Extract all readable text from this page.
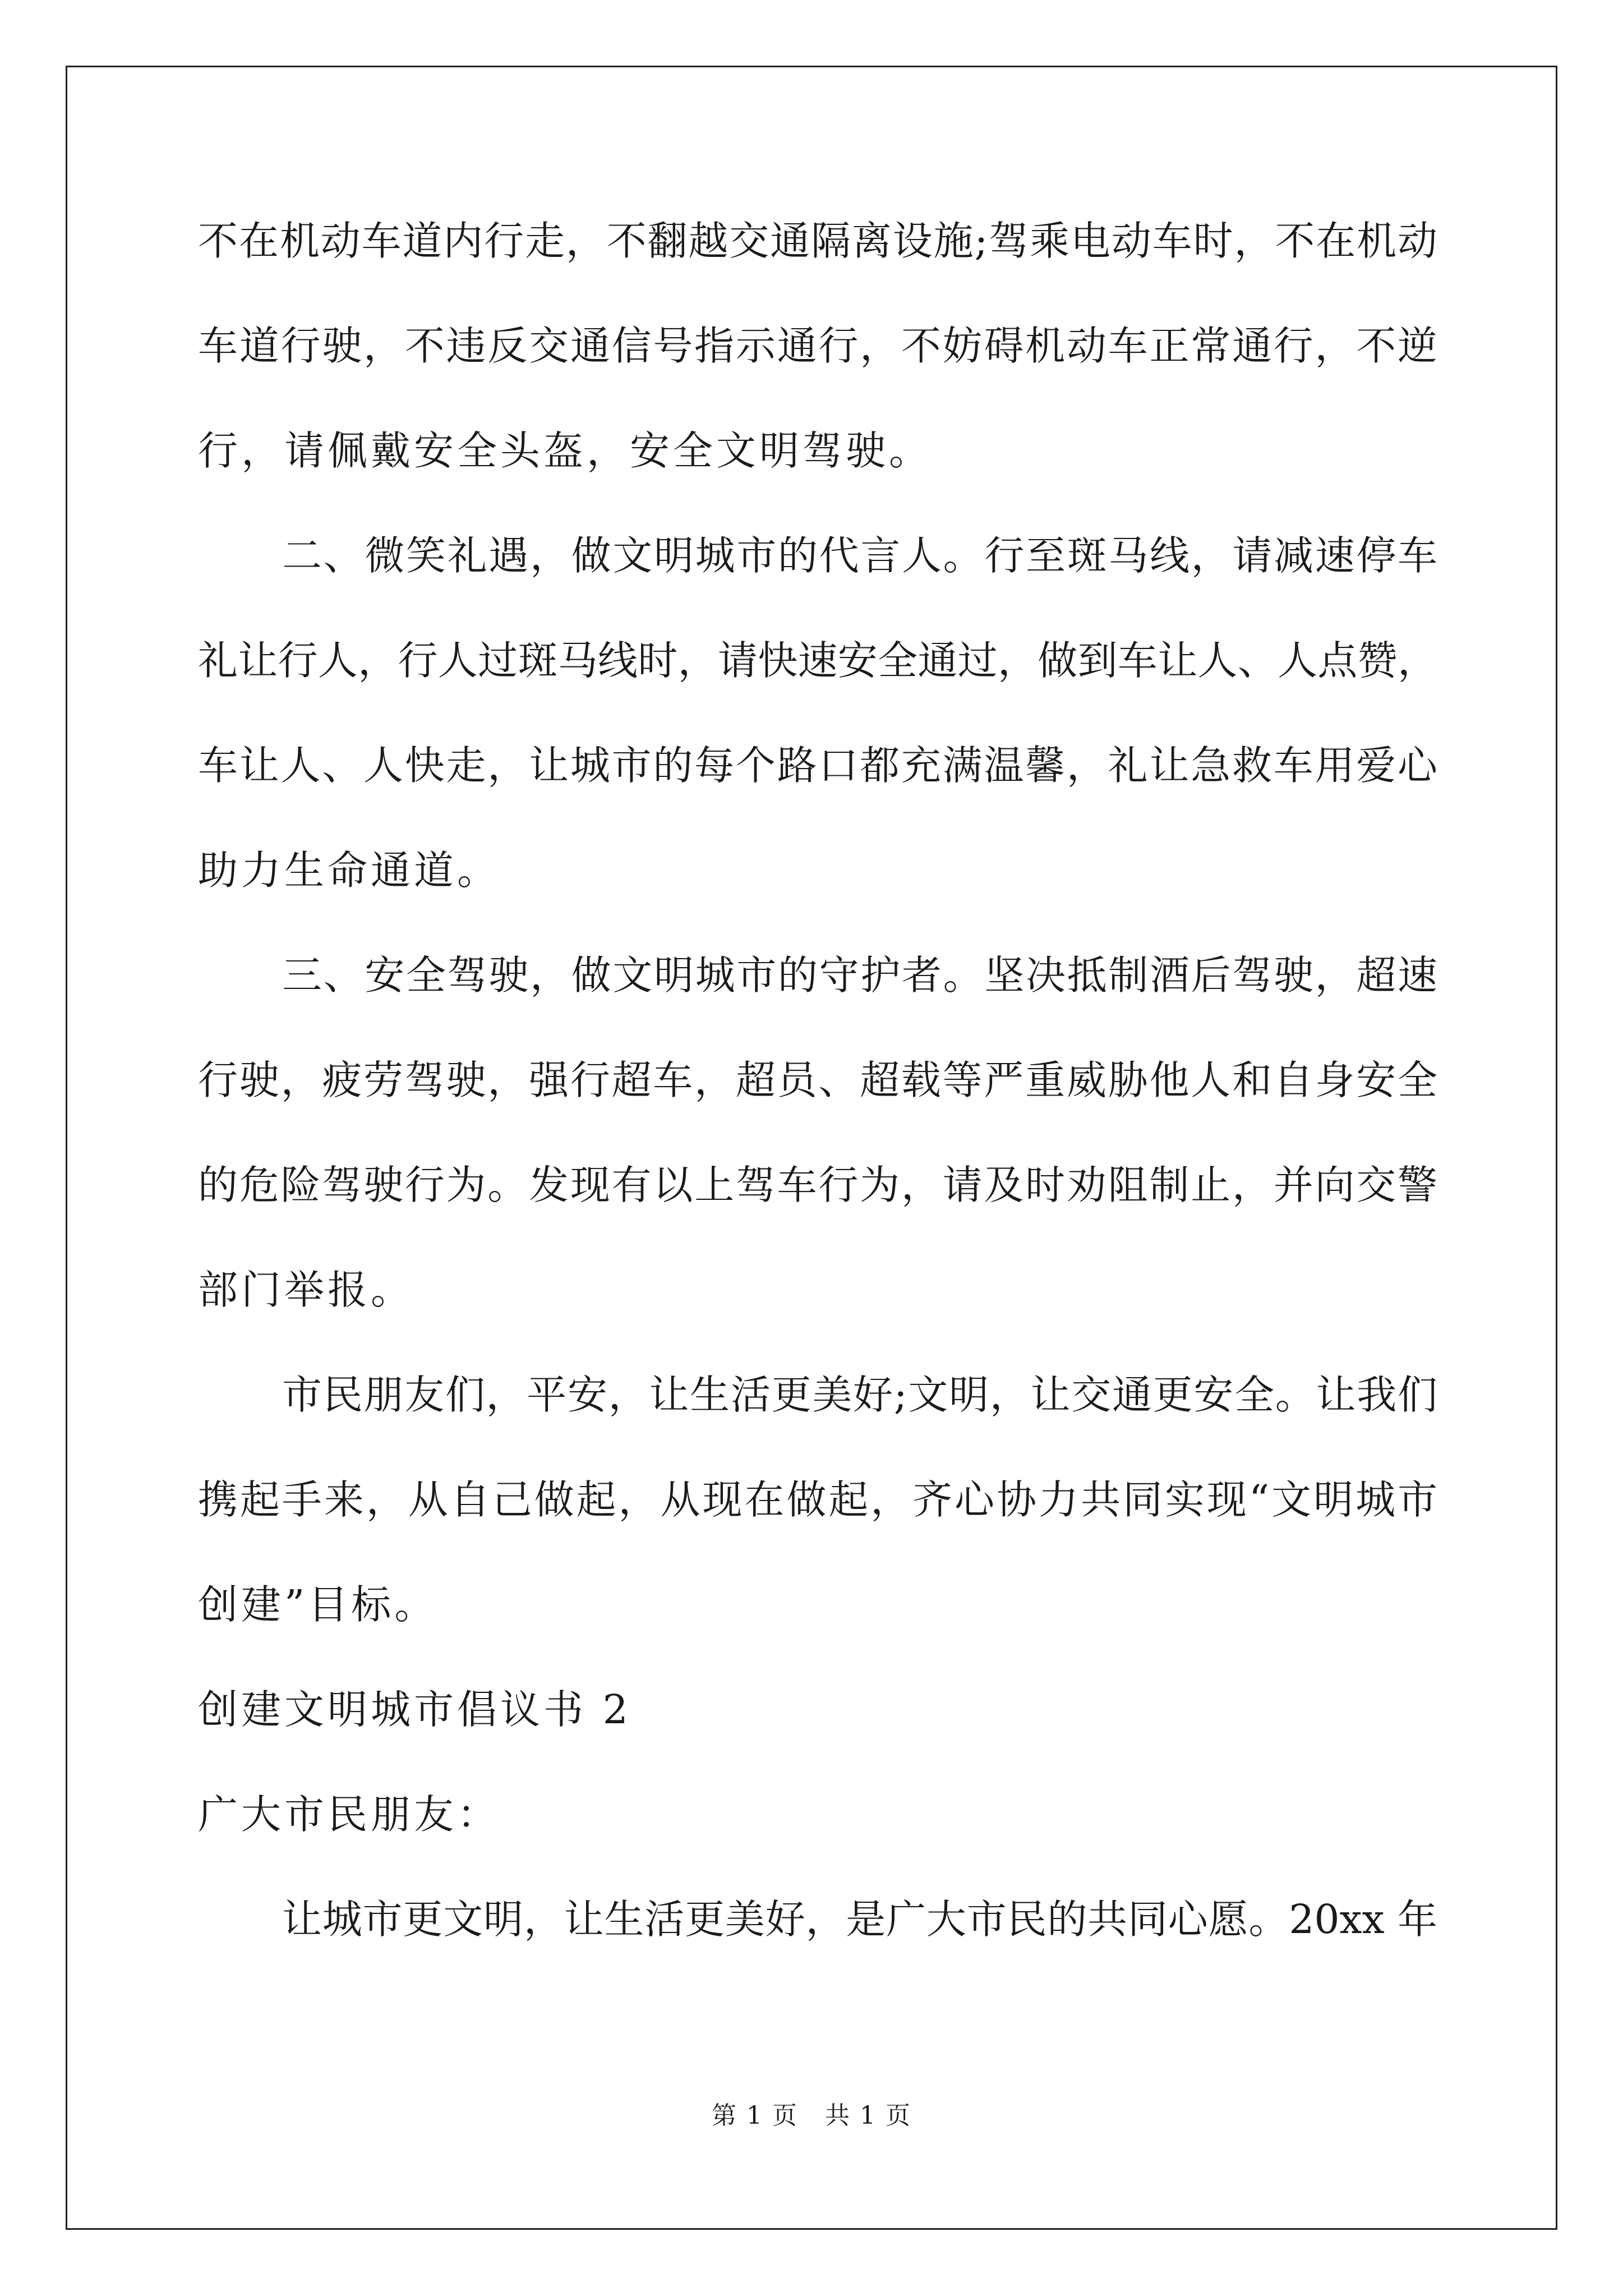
不在机动车道内行走，不翻越交通隔离设施;驾乘电动车时，不在机动
车道行驶，不违反交通信号指示通行，不妨碍机动车正常通行，不逆
行，请佩戴安全头盔，安全文明驾驶。
二、微笑礼遇，做文明城市的代言人。行至斑马线，请减速停车
礼让行人，行人过斑马线时，请快速安全通过，做到车让人、人点赞，
车让人、人快走，让城市的每个路口都充满温馨，礼让急救车用爱心
助力生命通道。
三、安全驾驶，做文明城市的守护者。坚决抵制酒后驾驶，超速
行驶，疲劳驾驶，强行超车，超员、超载等严重威胁他人和自身安全
的危险驾驶行为。发现有以上驾车行为，请及时劝阻制止，并向交警
部门举报。
市民朋友们，平安，让生活更美好;文明，让交通更安全。让我们
携起手来，从自己做起，从现在做起，齐心协力共同实现“文明城市
创建”目标。
创建文明城市倡议书 2
广大市民朋友：
让城市更文明，让生活更美好，是广大市民的共同心愿。20xx 年
第 1 页   共 1 页
